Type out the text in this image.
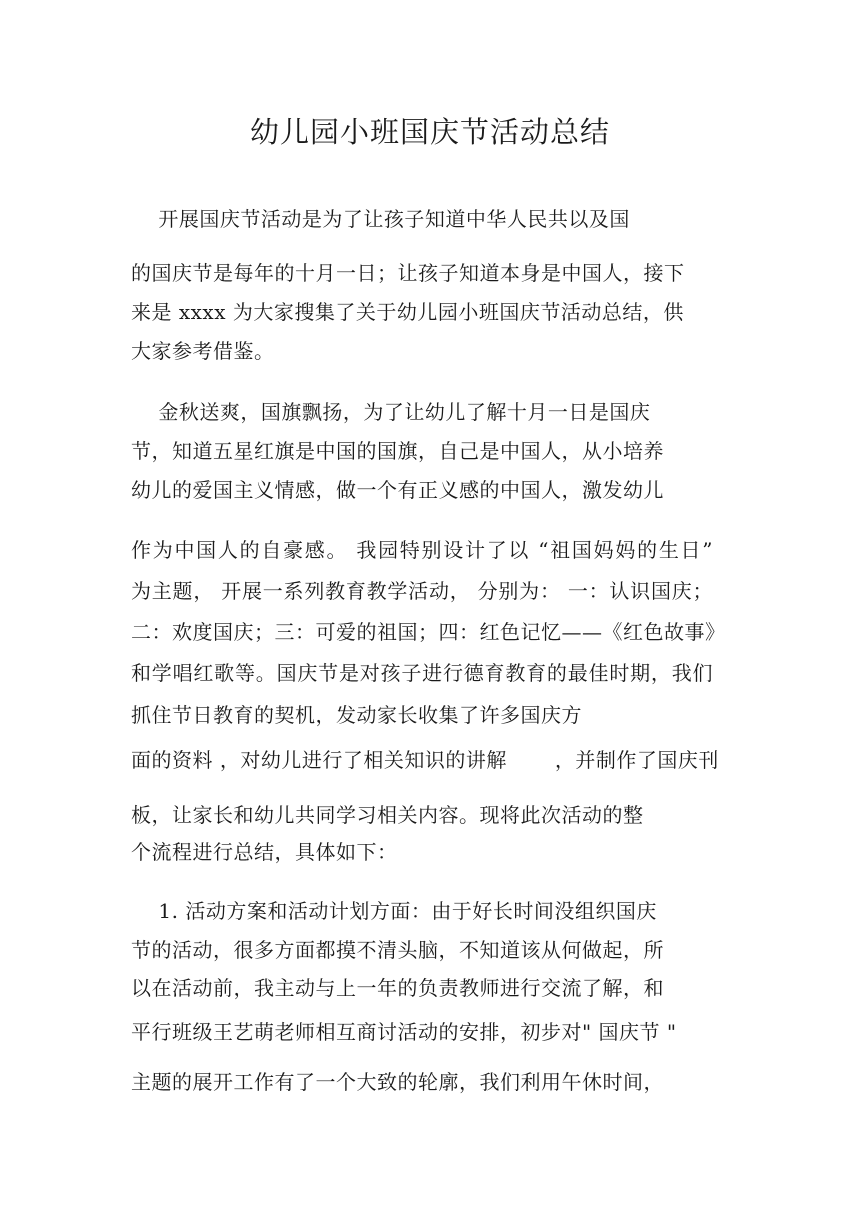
幼儿园小班国庆节活动总结
开展国庆节活动是为了让孩子知道中华人民共以及国
的国庆节是每年的十月一日；让孩子知道本身是中国人，接下
来是 xxxx 为大家搜集了关于幼儿园小班国庆节活动总结，供
大家参考借鉴。
金秋送爽，国旗飘扬，为了让幼儿了解十月一日是国庆
节，知道五星红旗是中国的国旗，自己是中国人，从小培养
幼儿的爱国主义情感，做一个有正义感的中国人，激发幼儿
作为中国人的自豪感。 我园特别设计了以 “祖国妈妈的生日”
为主题， 开展一系列教育教学活动， 分别为： 一：认识国庆；
二：欢度国庆；三：可爱的祖国；四：红色记忆——《红色故事》
和学唱红歌等。国庆节是对孩子进行德育教育的最佳时期，我们
抓住节日教育的契机，发动家长收集了许多国庆方
面的资料 ，对幼儿进行了相关知识的讲解       ，并制作了国庆刊
板，让家长和幼儿共同学习相关内容。现将此次活动的整
个流程进行总结，具体如下：
1. 活动方案和活动计划方面：由于好长时间没组织国庆
节的活动，很多方面都摸不清头脑，不知道该从何做起，所
以在活动前，我主动与上一年的负责教师进行交流了解，和
平行班级王艺萌老师相互商讨活动的安排，初步对" 国庆节 "
主题的展开工作有了一个大致的轮廓，我们利用午休时间，
